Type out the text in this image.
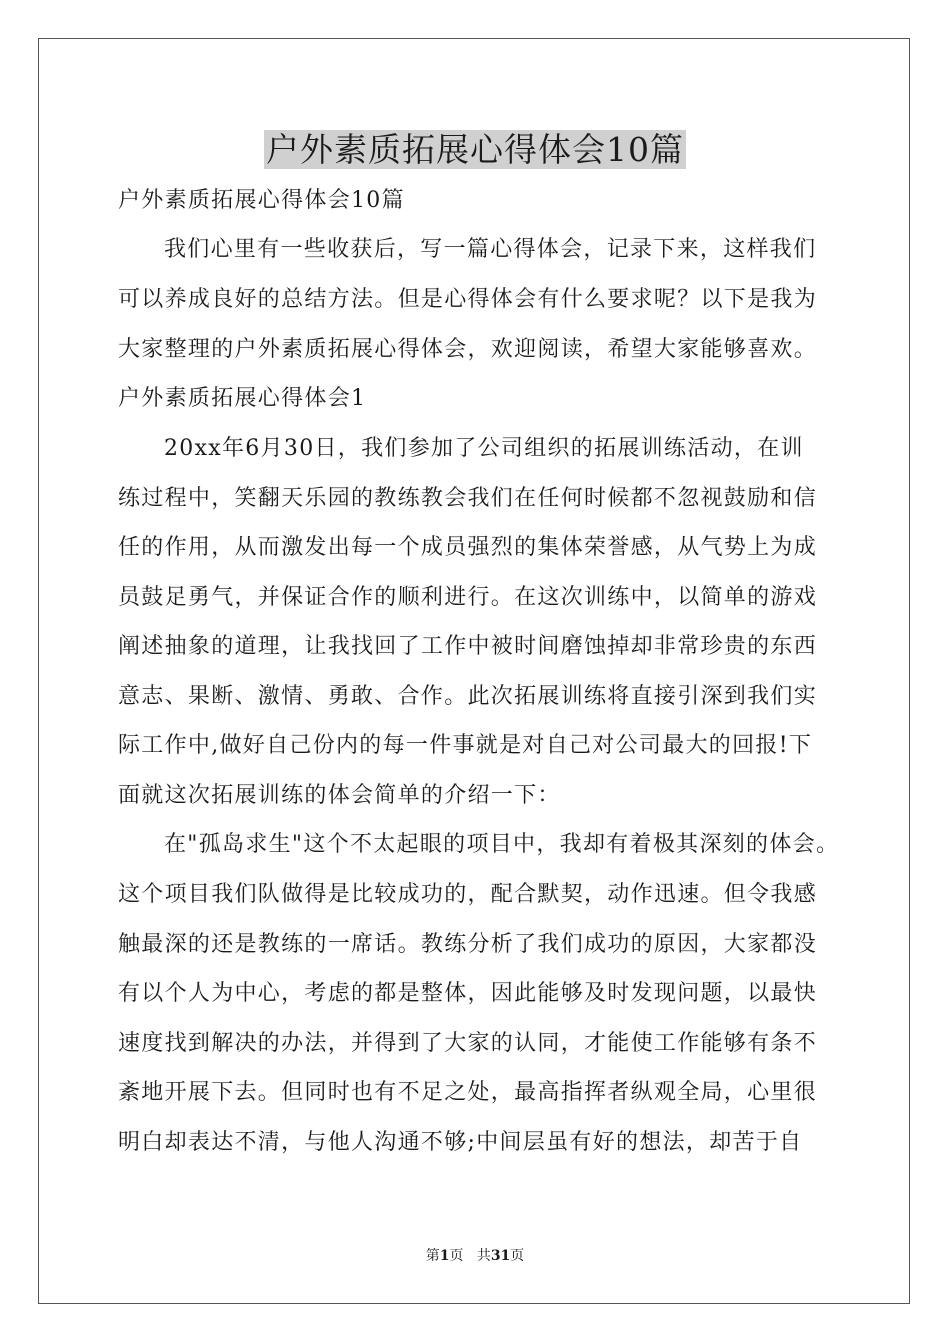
户外素质拓展心得体会10篇
户外素质拓展心得体会10篇
我们心里有一些收获后，写一篇心得体会，记录下来，这样我们
可以养成良好的总结方法。但是心得体会有什么要求呢？以下是我为
大家整理的户外素质拓展心得体会，欢迎阅读，希望大家能够喜欢。
户外素质拓展心得体会1
20xx年6月30日，我们参加了公司组织的拓展训练活动，在训
练过程中，笑翻天乐园的教练教会我们在任何时候都不忽视鼓励和信
任的作用，从而激发出每一个成员强烈的集体荣誉感，从气势上为成
员鼓足勇气，并保证合作的顺利进行。在这次训练中，以简单的游戏
阐述抽象的道理，让我找回了工作中被时间磨蚀掉却非常珍贵的东西
意志、果断、激情、勇敢、合作。此次拓展训练将直接引深到我们实
际工作中,做好自己份内的每一件事就是对自己对公司最大的回报!下
面就这次拓展训练的体会简单的介绍一下：
在"孤岛求生"这个不太起眼的项目中，我却有着极其深刻的体会。
这个项目我们队做得是比较成功的，配合默契，动作迅速。但令我感
触最深的还是教练的一席话。教练分析了我们成功的原因，大家都没
有以个人为中心，考虑的都是整体，因此能够及时发现问题，以最快
速度找到解决的办法，并得到了大家的认同，才能使工作能够有条不
紊地开展下去。但同时也有不足之处，最高指挥者纵观全局，心里很
明白却表达不清，与他人沟通不够;中间层虽有好的想法，却苦于自
第1页 共31页
